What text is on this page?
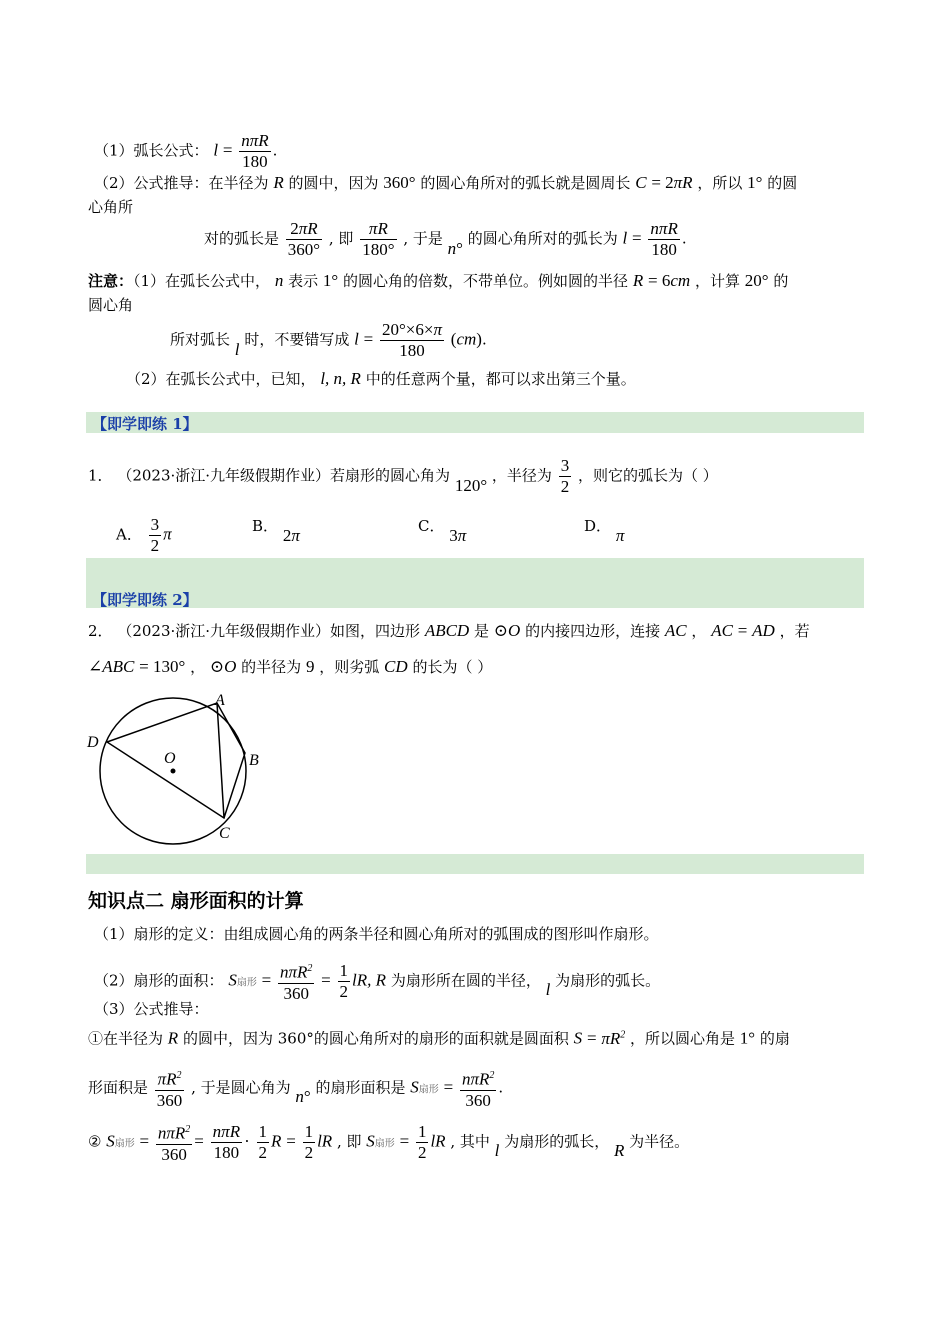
（1）弧长公式： $l = \frac{\text{nπR}}{180}$ .
（2）公式推导：在半径为 R 的圆中，因为 360° 的圆心角所对的弧长就是圆周长 C = 2πR ，所以 1° 的圆
心角所
对的弧长是 $\frac{2\pi R}{360^\circ}$ , 即 $\frac{\pi R}{180^\circ}$ , 于是 n° 的圆心角所对的弧长为 $l = \frac{\text{nπR}}{180}$ .
注意：（1）在弧长公式中， n 表示 1° 的圆心角的倍数，不带单位。例如圆的半径 R = 6cm ，计算 20° 的
圆心角
所对弧长 l 时，不要错写成 $l = \frac{20^\circ\times 6\times\pi}{180} (cm)$.
（2）在弧长公式中，已知， l, n, R 中的任意两个量，都可以求出第三个量。
【即学即练 1】
1． （2023·浙江·九年级假期作业）若扇形的圆心角为 120° ，半径为 $\frac{3}{2}$ ，则它的弧长为（ ）
A． $\frac{3}{2}$ π	B． 2π	C． 3π	D． π
【即学即练 2】
2． （2023·浙江·九年级假期作业）如图，四边形 ABCD 是 ⊙O 的内接四边形，连接 AC ， AC = AD ，若
∠ABC = 130° ， ⊙O 的半径为 9 ，则劣弧 CD 的长为（ ）
A
B
C
D
O
知识点二 扇形面积的计算
（1）扇形的定义：由组成圆心角的两条半径和圆心角所对的弧围成的图形叫作扇形。
（2）扇形的面积： S扇形 = $\frac{n\pi R^2}{360} = \frac{1}{2}$ lR, R 为扇形所在圆的半径， l 为扇形的弧长。
（3）公式推导：
①在半径为 R 的圆中，因为 360°的圆心角所对的扇形的面积就是圆面积 $S = \pi R^2$ ，所以圆心角是 1° 的扇
形面积是 $\frac{\pi R^2}{360}$ , 于是圆心角为 n° 的扇形面积是 S扇形 = $\frac{n\pi R^2}{360}$ .
② S扇形 = $\frac{n\pi R^2}{360} = \frac{\text{nπR}}{180} \cdot \frac{1}{2}$ $R = \frac{1}{2}$ lR , 即 S扇形 = $\frac{1}{2}$ lR , 其中 l 为扇形的弧长， R 为半径。
